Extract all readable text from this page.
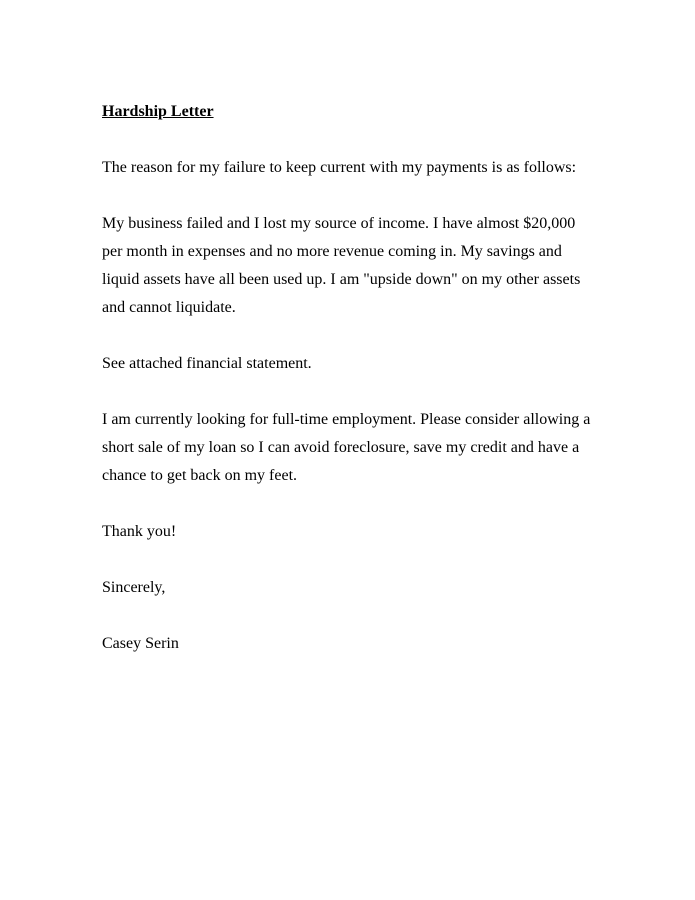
Hardship Letter
The reason for my failure to keep current with my payments is as follows:
My business failed and I lost my source of income. I have almost $20,000
per month in expenses and no more revenue coming in. My savings and
liquid assets have all been used up. I am "upside down" on my other assets
and cannot liquidate.
See attached financial statement.
I am currently looking for full-time employment. Please consider allowing a
short sale of my loan so I can avoid foreclosure, save my credit and have a
chance to get back on my feet.
Thank you!
Sincerely,
Casey Serin
